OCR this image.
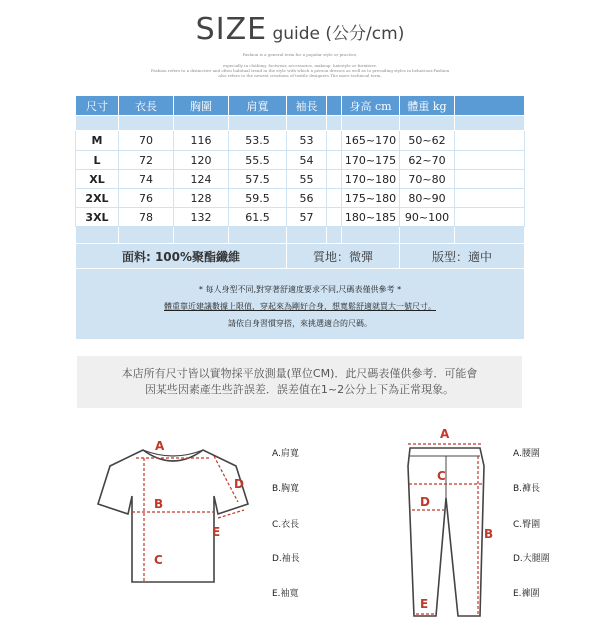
SIZE guide (公分/cm)
Fashion is a general term for a popular style or practice,
especially in clothing, footwear, accessories, makeup, hairstyle or furniture.
Fashion refers to a distinctive and often habitual trend in the style with which a person dresses as well as to prevailing styles in behaviour.Fashion
also refers to the newest creations of textile designers.The more technical term,
尺寸	衣長	胸圍	肩寬	袖長		身高 cm	體重 kg	

M	70	116	53.5	53		165~170	50~62	
L	72	120	55.5	54		170~175	62~70	
XL	74	124	57.5	55		170~180	70~80	
2XL	76	128	59.5	56		175~180	80~90	
3XL	78	132	61.5	57		180~185	90~100	

面料: 100%聚酯纖維				質地：微彈			版型：適中	

* 每人身型不同,對穿著舒適度要求不同,尺碼表僅供參考 *
體重靠近建議數據上限值，穿起來為剛好合身，想寬鬆舒適就買大一號尺寸。
請依自身習慣穿搭，來挑選適合的尺碼。								
本店所有尺寸皆以實物採平放測量(單位CM)．此尺碼表僅供參考．可能會
因某些因素產生些許誤差．誤差值在1~2公分上下為正常現象。
A
B
C
D
E
A.肩寬
B.胸寬
C.衣長
D.袖長
E.袖寬
A
B
C
D
E
A.腰圍
B.褲長
C.臀圍
D.大腿圍
E.褲圍
